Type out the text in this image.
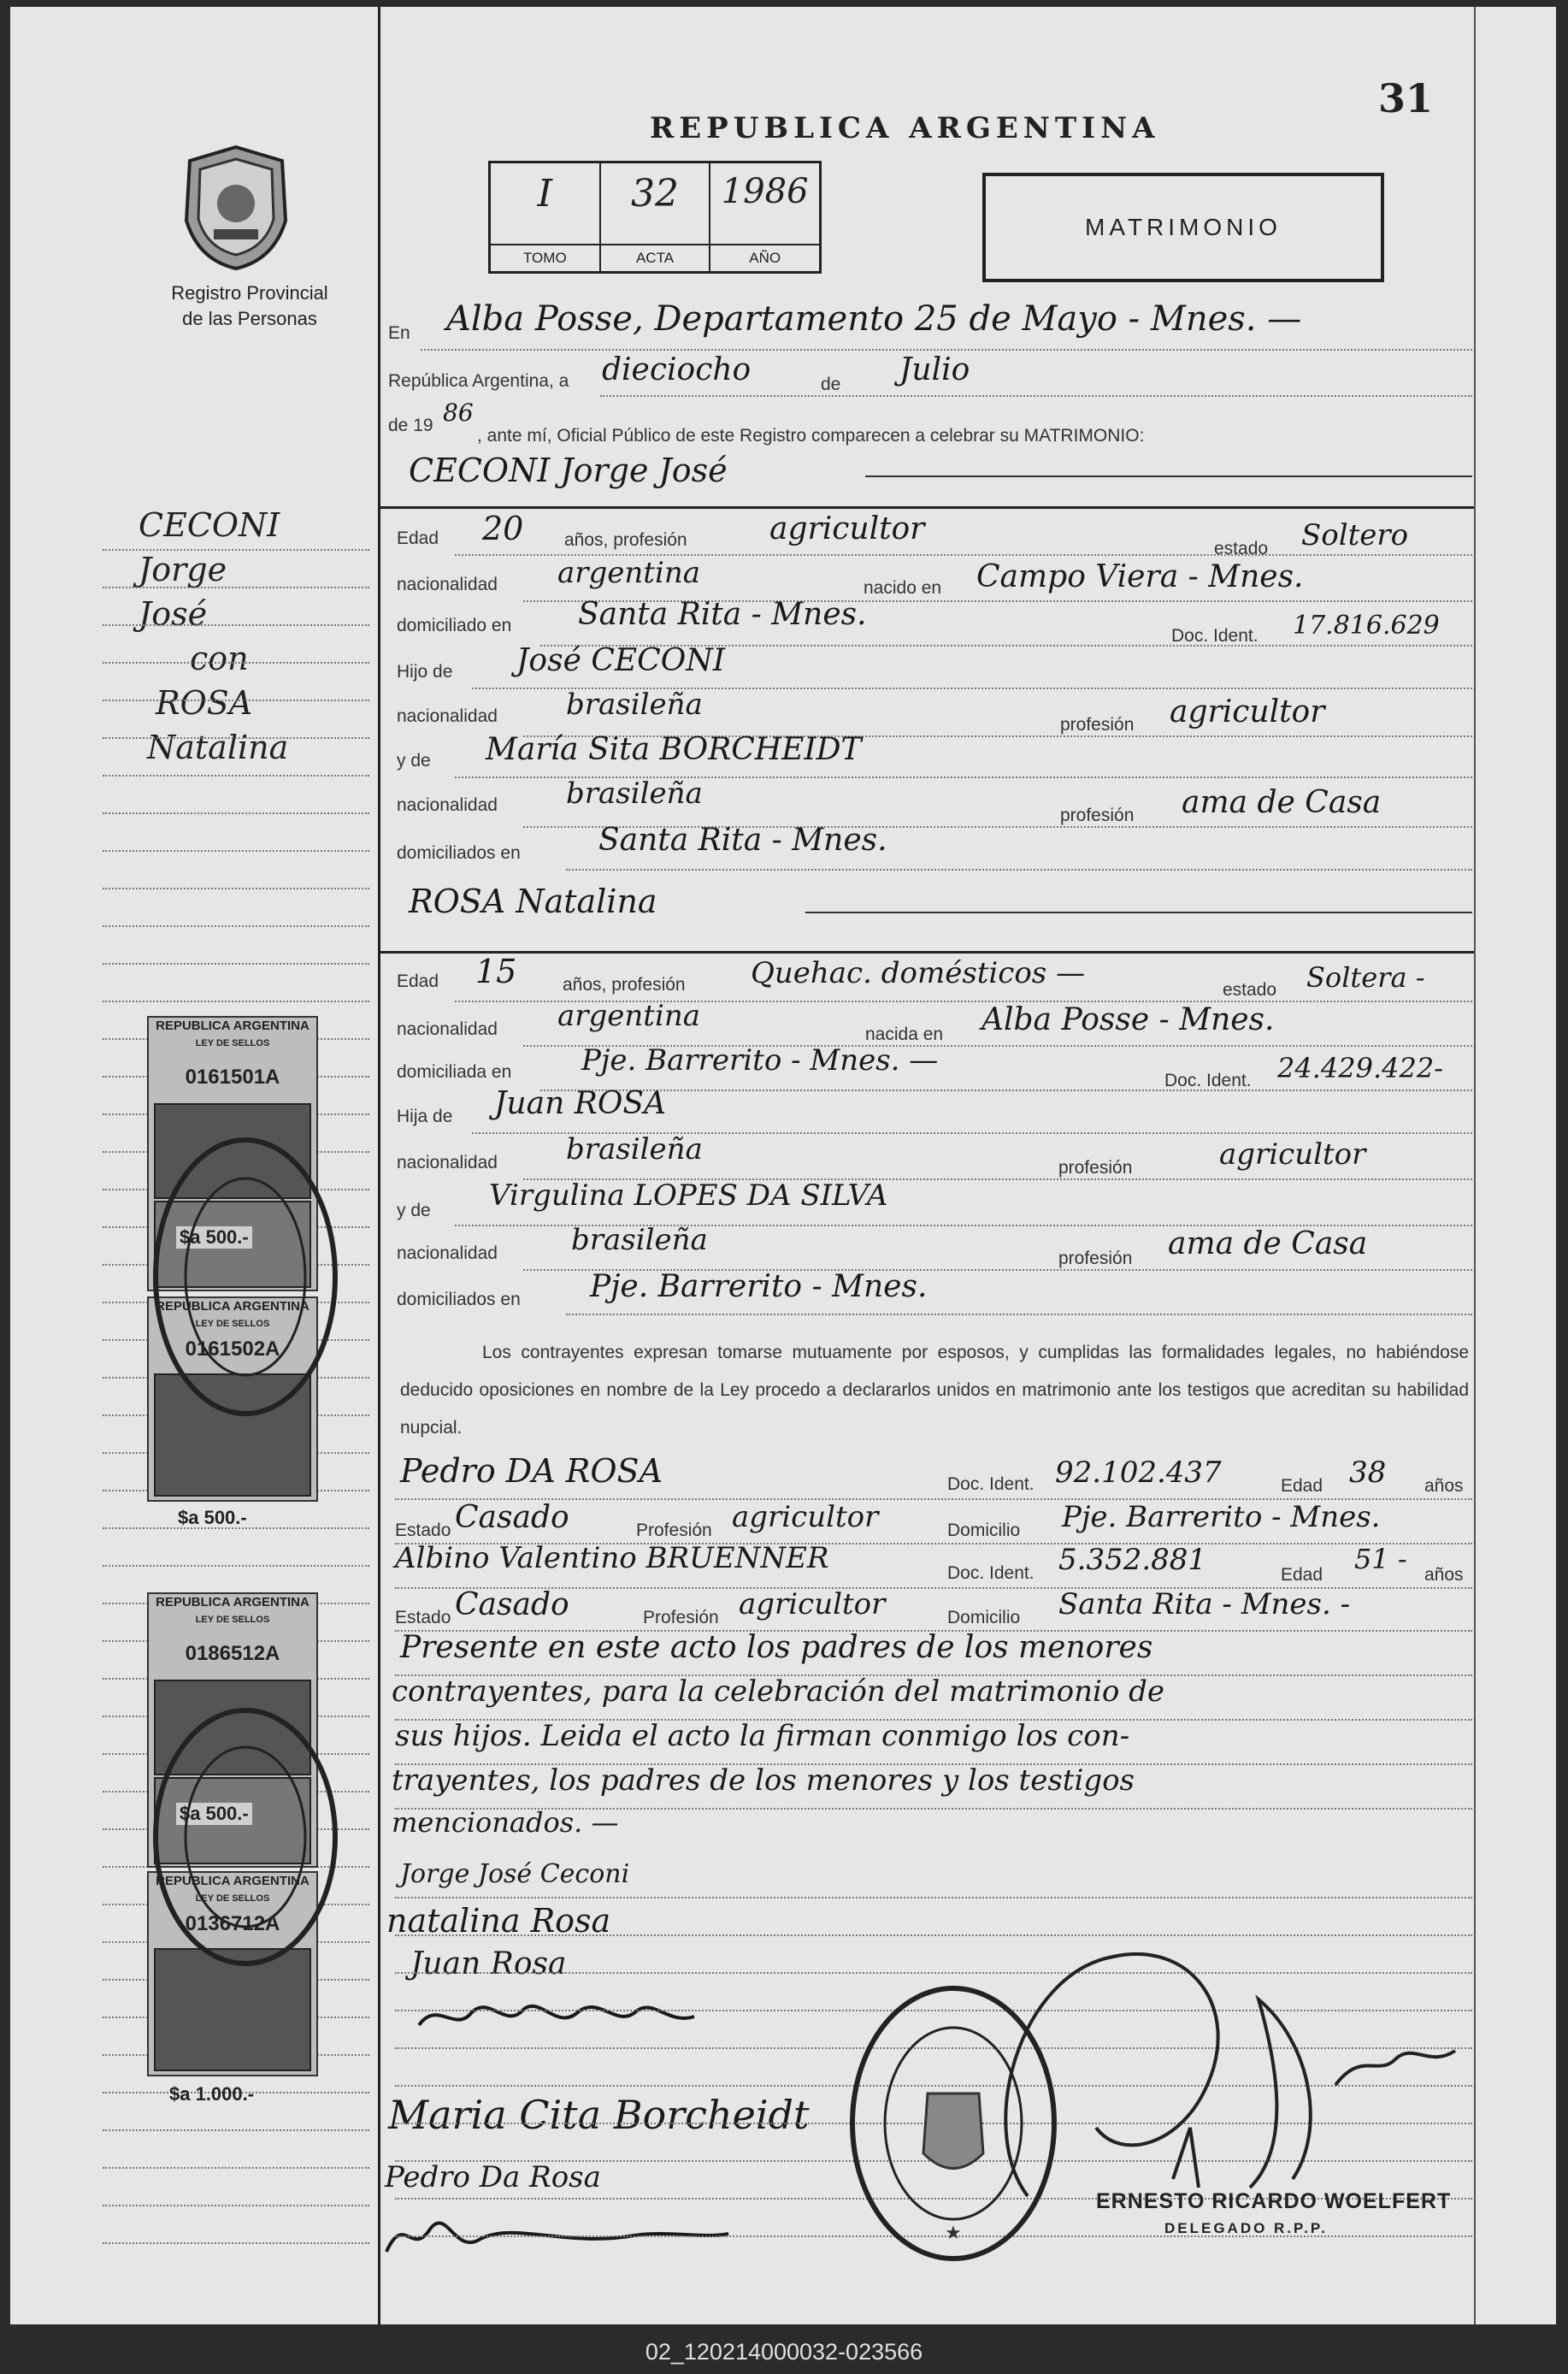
31
REPUBLICA ARGENTINA
Registro Provincial
de las Personas
I
TOMO
32
ACTA
1986
AÑO
MATRIMONIO
CECONI
Jorge
José
con
ROSA
Natalina
En Alba Posse, Departamento 25 de Mayo - Mnes. —
República Argentina, a dieciocho	de Julio
de 19 86
, ante mí, Oficial Público de este Registro comparecen a celebrar su MATRIMONIO:
CECONI Jorge José
Edad 20 años, profesión	agricultor
estado Soltero
nacionalidad argentina	nacido en Campo Viera - Mnes.
domiciliado en Santa Rita - Mnes.
Doc. Ident. 17.816.629
Hijo de José CECONI
nacionalidad brasileña
profesión agricultor
y de María Sita BORCHEIDT
nacionalidad brasileña
profesión ama de Casa
domiciliados en	Santa Rita - Mnes.
ROSA Natalina
Edad 15	años, profesión Quehac. domésticos —	estado Soltera -
nacionalidad argentina
nacida en Alba Posse - Mnes.
domiciliada en Pje. Barrerito - Mnes. —
Doc. Ident. 24.429.422-
Hija de Juan ROSA
nacionalidad brasileña
profesión	agricultor
y de Virgulina LOPES DA SILVA
nacionalidad	brasileña
profesión ama de Casa
domiciliados en Pje. Barrerito - Mnes.
Los contrayentes expresan tomarse mutuamente por esposos, y cumplidas las formalidades legales, no habiéndose deducido oposiciones en nombre de la Ley procedo a declararlos unidos en matrimonio ante los testigos que acreditan su habilidad nupcial.
Pedro DA ROSA	Doc. Ident. 92.102.437	Edad 38 años
Estado Casado	Profesión agricultor	Domicilio Pje. Barrerito - Mnes.
Albino Valentino BRUENNER	Doc. Ident. 5.352.881	Edad 51 - años
Estado Casado	Profesión agricultor	Domicilio Santa Rita - Mnes. -
Presente en este acto los padres de los menores
contrayentes, para la celebración del matrimonio de
sus hijos. Leida el acto la firman conmigo los con-
trayentes, los padres de los menores y los testigos
mencionados. —
Jorge José Ceconi
natalina Rosa
Juan Rosa
Maria Cita Borcheidt
Pedro Da Rosa
★
ERNESTO RICARDO WOELFERT
DELEGADO R.P.P.
REPUBLICA ARGENTINA
LEY DE SELLOS
0161501A
REPUBLICA ARGENTINA
LEY DE SELLOS
0161502A
$a 500.-
$a 500.-
REPUBLICA ARGENTINA
LEY DE SELLOS
0186512A
REPUBLICA ARGENTINA
LEY DE SELLOS
0136712A
$a 500.-
$a 1.000.-
02_120214000032-023566
